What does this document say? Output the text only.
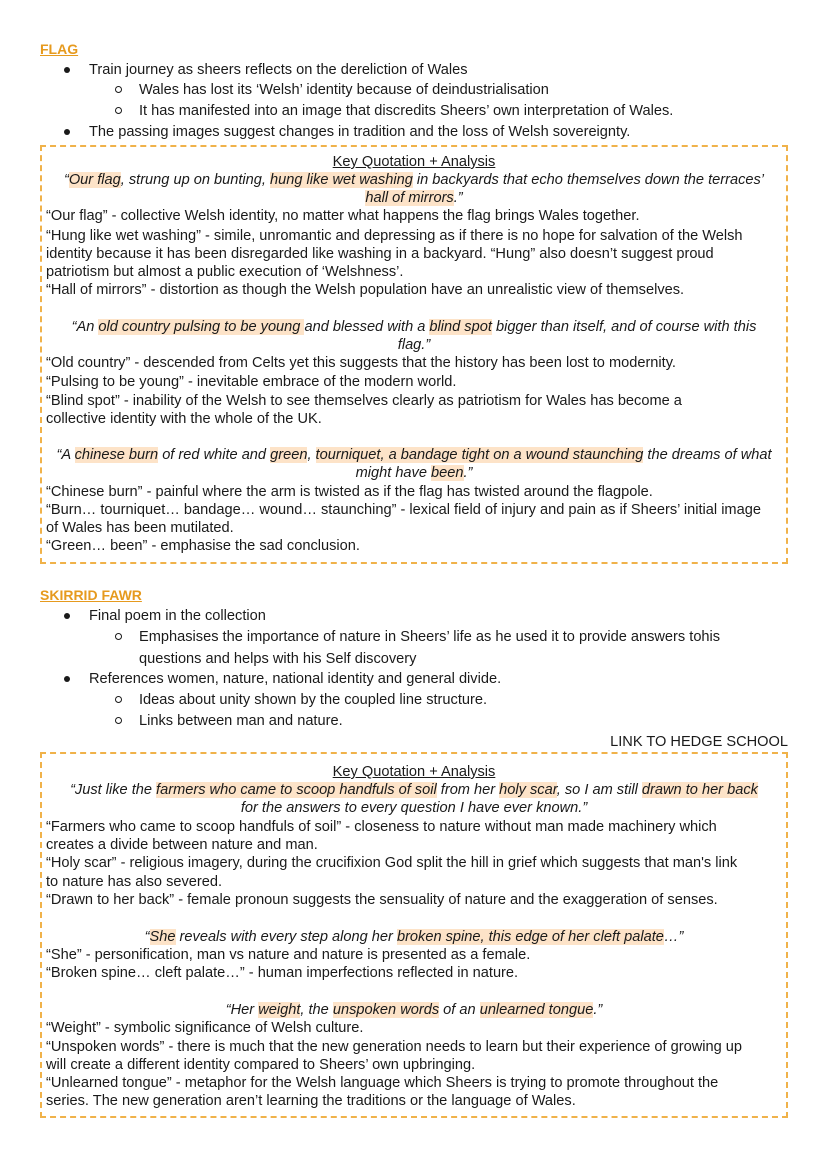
FLAG
Train journey as sheers reflects on the dereliction of Wales
Wales has lost its ‘Welsh’ identity because of deindustrialisation
It has manifested into an image that discredits Sheers’ own interpretation of Wales.
The passing images suggest changes in tradition and the loss of Welsh sovereignty.
Key Quotation + Analysis
“Our flag, strung up on bunting, hung like wet washing in backyards that echo themselves down the terraces’
hall of mirrors.”
“Our flag” - collective Welsh identity, no matter what happens the flag brings Wales together.
“Hung like wet washing” - simile, unromantic and depressing as if there is no hope for salvation of the Welsh
identity because it has been disregarded like washing in a backyard. “Hung” also doesn’t suggest proud
patriotism but almost a public execution of ‘Welshness’.
“Hall of mirrors” - distortion as though the Welsh population have an unrealistic view of themselves.
“An old country pulsing to be young and blessed with a blind spot bigger than itself, and of course with this
flag.”
“Old country” - descended from Celts yet this suggests that the history has been lost to modernity.
“Pulsing to be young” - inevitable embrace of the modern world.
“Blind spot” - inability of the Welsh to see themselves clearly as patriotism for Wales has become a
collective identity with the whole of the UK.
“A chinese burn of red white and green, tourniquet, a bandage tight on a wound staunching the dreams of what
might have been.”
“Chinese burn” - painful where the arm is twisted as if the flag has twisted around the flagpole.
“Burn… tourniquet… bandage… wound… staunching” - lexical field of injury and pain as if Sheers’ initial image
of Wales has been mutilated.
“Green… been” - emphasise the sad conclusion.
SKIRRID FAWR
Final poem in the collection
Emphasises the importance of nature in Sheers’ life as he used it to provide answers tohis
questions and helps with his Self discovery
References women, nature, national identity and general divide.
Ideas about unity shown by the coupled line structure.
Links between man and nature.
LINK TO HEDGE SCHOOL
Key Quotation + Analysis
“Just like the farmers who came to scoop handfuls of soil from her holy scar, so I am still drawn to her back
for the answers to every question I have ever known.”
“Farmers who came to scoop handfuls of soil” - closeness to nature without man made machinery which
creates a divide between nature and man.
“Holy scar” - religious imagery, during the crucifixion God split the hill in grief which suggests that man's link
to nature has also severed.
“Drawn to her back” - female pronoun suggests the sensuality of nature and the exaggeration of senses.
“She reveals with every step along her broken spine, this edge of her cleft palate…”
“She” - personification, man vs nature and nature is presented as a female.
“Broken spine… cleft palate…” - human imperfections reflected in nature.
“Her weight, the unspoken words of an unlearned tongue.”
“Weight” - symbolic significance of Welsh culture.
“Unspoken words” - there is much that the new generation needs to learn but their experience of growing up
will create a different identity compared to Sheers’ own upbringing.
“Unlearned tongue” - metaphor for the Welsh language which Sheers is trying to promote throughout the
series. The new generation aren’t learning the traditions or the language of Wales.
